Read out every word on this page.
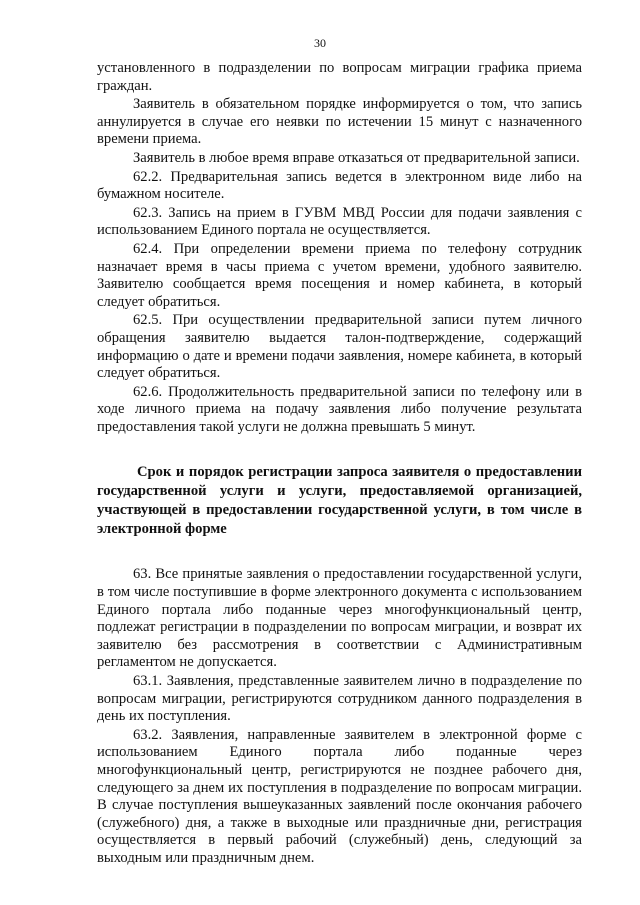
30

установленного в подразделении по вопросам миграции графика приема граждан.

Заявитель в обязательном порядке информируется о том, что запись аннулируется в случае его неявки по истечении 15 минут с назначенного времени приема.

Заявитель в любое время вправе отказаться от предварительной записи.

62.2. Предварительная запись ведется в электронном виде либо на бумажном носителе.

62.3. Запись на прием в ГУВМ МВД России для подачи заявления с использованием Единого портала не осуществляется.

62.4. При определении времени приема по телефону сотрудник назначает время в часы приема с учетом времени, удобного заявителю. Заявителю сообщается время посещения и номер кабинета, в который следует обратиться.

62.5. При осуществлении предварительной записи путем личного обращения заявителю выдается талон-подтверждение, содержащий информацию о дате и времени подачи заявления, номере кабинета, в который следует обратиться.

62.6. Продолжительность предварительной записи по телефону или в ходе личного приема на подачу заявления либо получение результата предоставления такой услуги не должна превышать 5 минут.

Срок и порядок регистрации запроса заявителя о предоставлении государственной услуги и услуги, предоставляемой организацией, участвующей в предоставлении государственной услуги, в том числе в электронной форме

63. Все принятые заявления о предоставлении государственной услуги, в том числе поступившие в форме электронного документа с использованием Единого портала либо поданные через многофункциональный центр, подлежат регистрации в подразделении по вопросам миграции, и возврат их заявителю без рассмотрения в соответствии с Административным регламентом не допускается.

63.1. Заявления, представленные заявителем лично в подразделение по вопросам миграции, регистрируются сотрудником данного подразделения в день их поступления.

63.2. Заявления, направленные заявителем в электронной форме с использованием Единого портала либо поданные через многофункциональный центр, регистрируются не позднее рабочего дня, следующего за днем их поступления в подразделение по вопросам миграции. В случае поступления вышеуказанных заявлений после окончания рабочего (служебного) дня, а также в выходные или праздничные дни, регистрация осуществляется в первый рабочий (служебный) день, следующий за выходным или праздничным днем.
